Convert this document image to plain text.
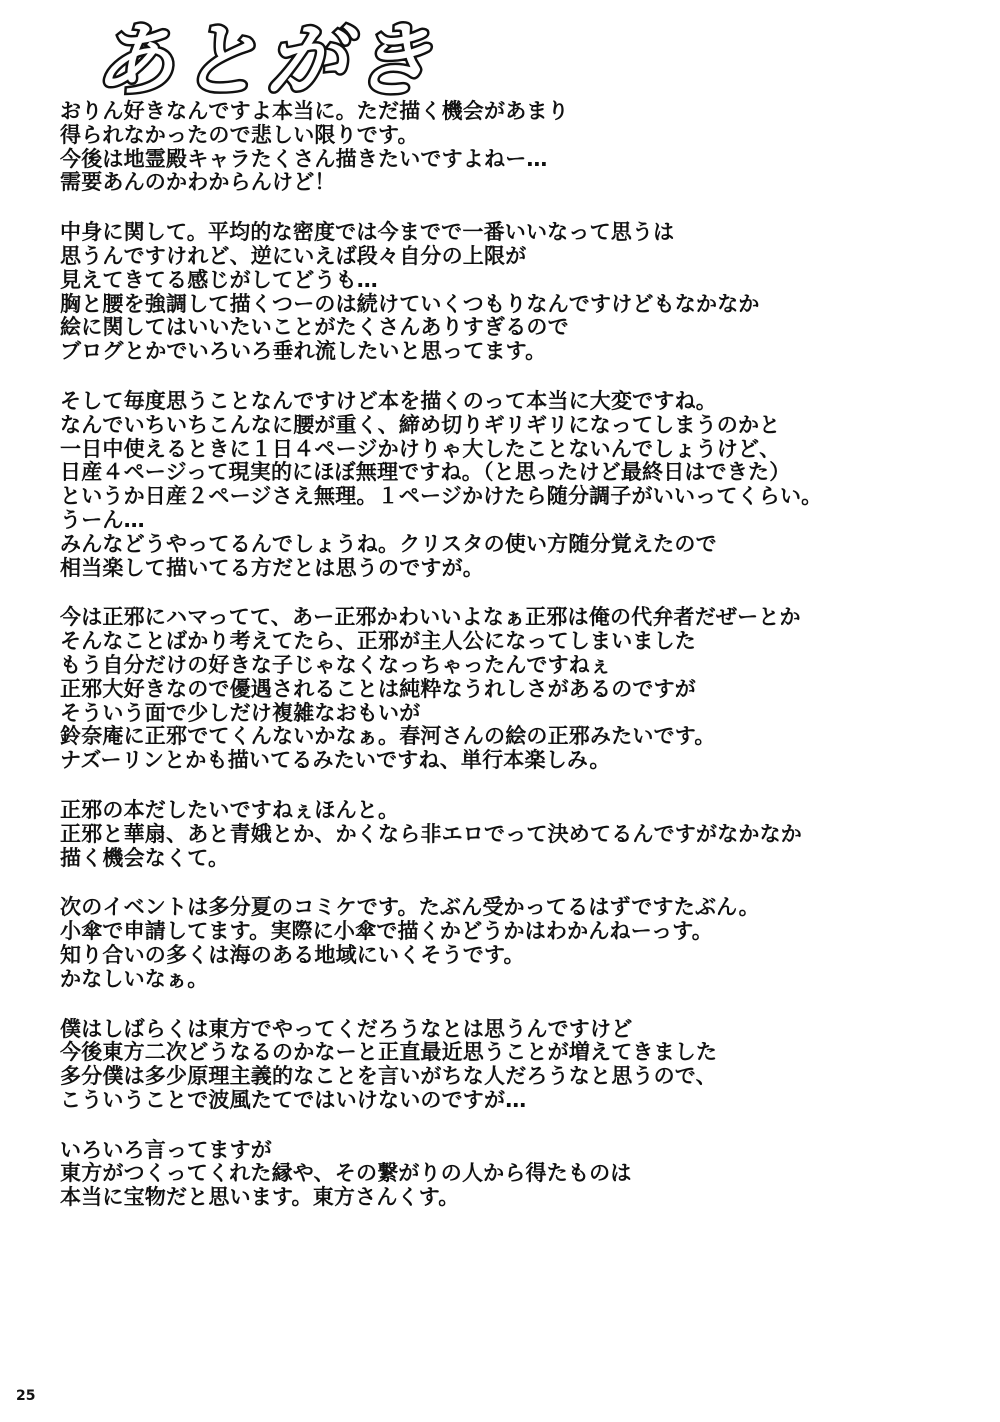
あとがき
おりん好きなんですよ本当に。ただ描く機会があまり
得られなかったので悲しい限りです。
今後は地霊殿キャラたくさん描きたいですよねー…
需要あんのかわからんけど！
中身に関して。平均的な密度では今までで一番いいなって思うは
思うんですけれど、逆にいえば段々自分の上限が
見えてきてる感じがしてどうも…
胸と腰を強調して描くつーのは続けていくつもりなんですけどもなかなか
絵に関してはいいたいことがたくさんありすぎるので
ブログとかでいろいろ垂れ流したいと思ってます。
そして毎度思うことなんですけど本を描くのって本当に大変ですね。
なんでいちいちこんなに腰が重く、締め切りギリギリになってしまうのかと
一日中使えるときに１日４ページかけりゃ大したことないんでしょうけど、
日産４ページって現実的にほぼ無理ですね。（と思ったけど最終日はできた）
というか日産２ページさえ無理。１ページかけたら随分調子がいいってくらい。
うーん…
みんなどうやってるんでしょうね。クリスタの使い方随分覚えたので
相当楽して描いてる方だとは思うのですが。
今は正邪にハマってて、あー正邪かわいいよなぁ正邪は俺の代弁者だぜーとか
そんなことばかり考えてたら、正邪が主人公になってしまいました
もう自分だけの好きな子じゃなくなっちゃったんですねぇ
正邪大好きなので優遇されることは純粋なうれしさがあるのですが
そういう面で少しだけ複雑なおもいが
鈴奈庵に正邪でてくんないかなぁ。春河さんの絵の正邪みたいです。
ナズーリンとかも描いてるみたいですね、単行本楽しみ。
正邪の本だしたいですねぇほんと。
正邪と華扇、あと青娥とか、かくなら非エロでって決めてるんですがなかなか
描く機会なくて。
次のイベントは多分夏のコミケです。たぶん受かってるはずですたぶん。
小傘で申請してます。実際に小傘で描くかどうかはわかんねーっす。
知り合いの多くは海のある地域にいくそうです。
かなしいなぁ。
僕はしばらくは東方でやってくだろうなとは思うんですけど
今後東方二次どうなるのかなーと正直最近思うことが増えてきました
多分僕は多少原理主義的なことを言いがちな人だろうなと思うので、
こういうことで波風たてではいけないのですが…
いろいろ言ってますが
東方がつくってくれた縁や、その繋がりの人から得たものは
本当に宝物だと思います。東方さんくす。
25
